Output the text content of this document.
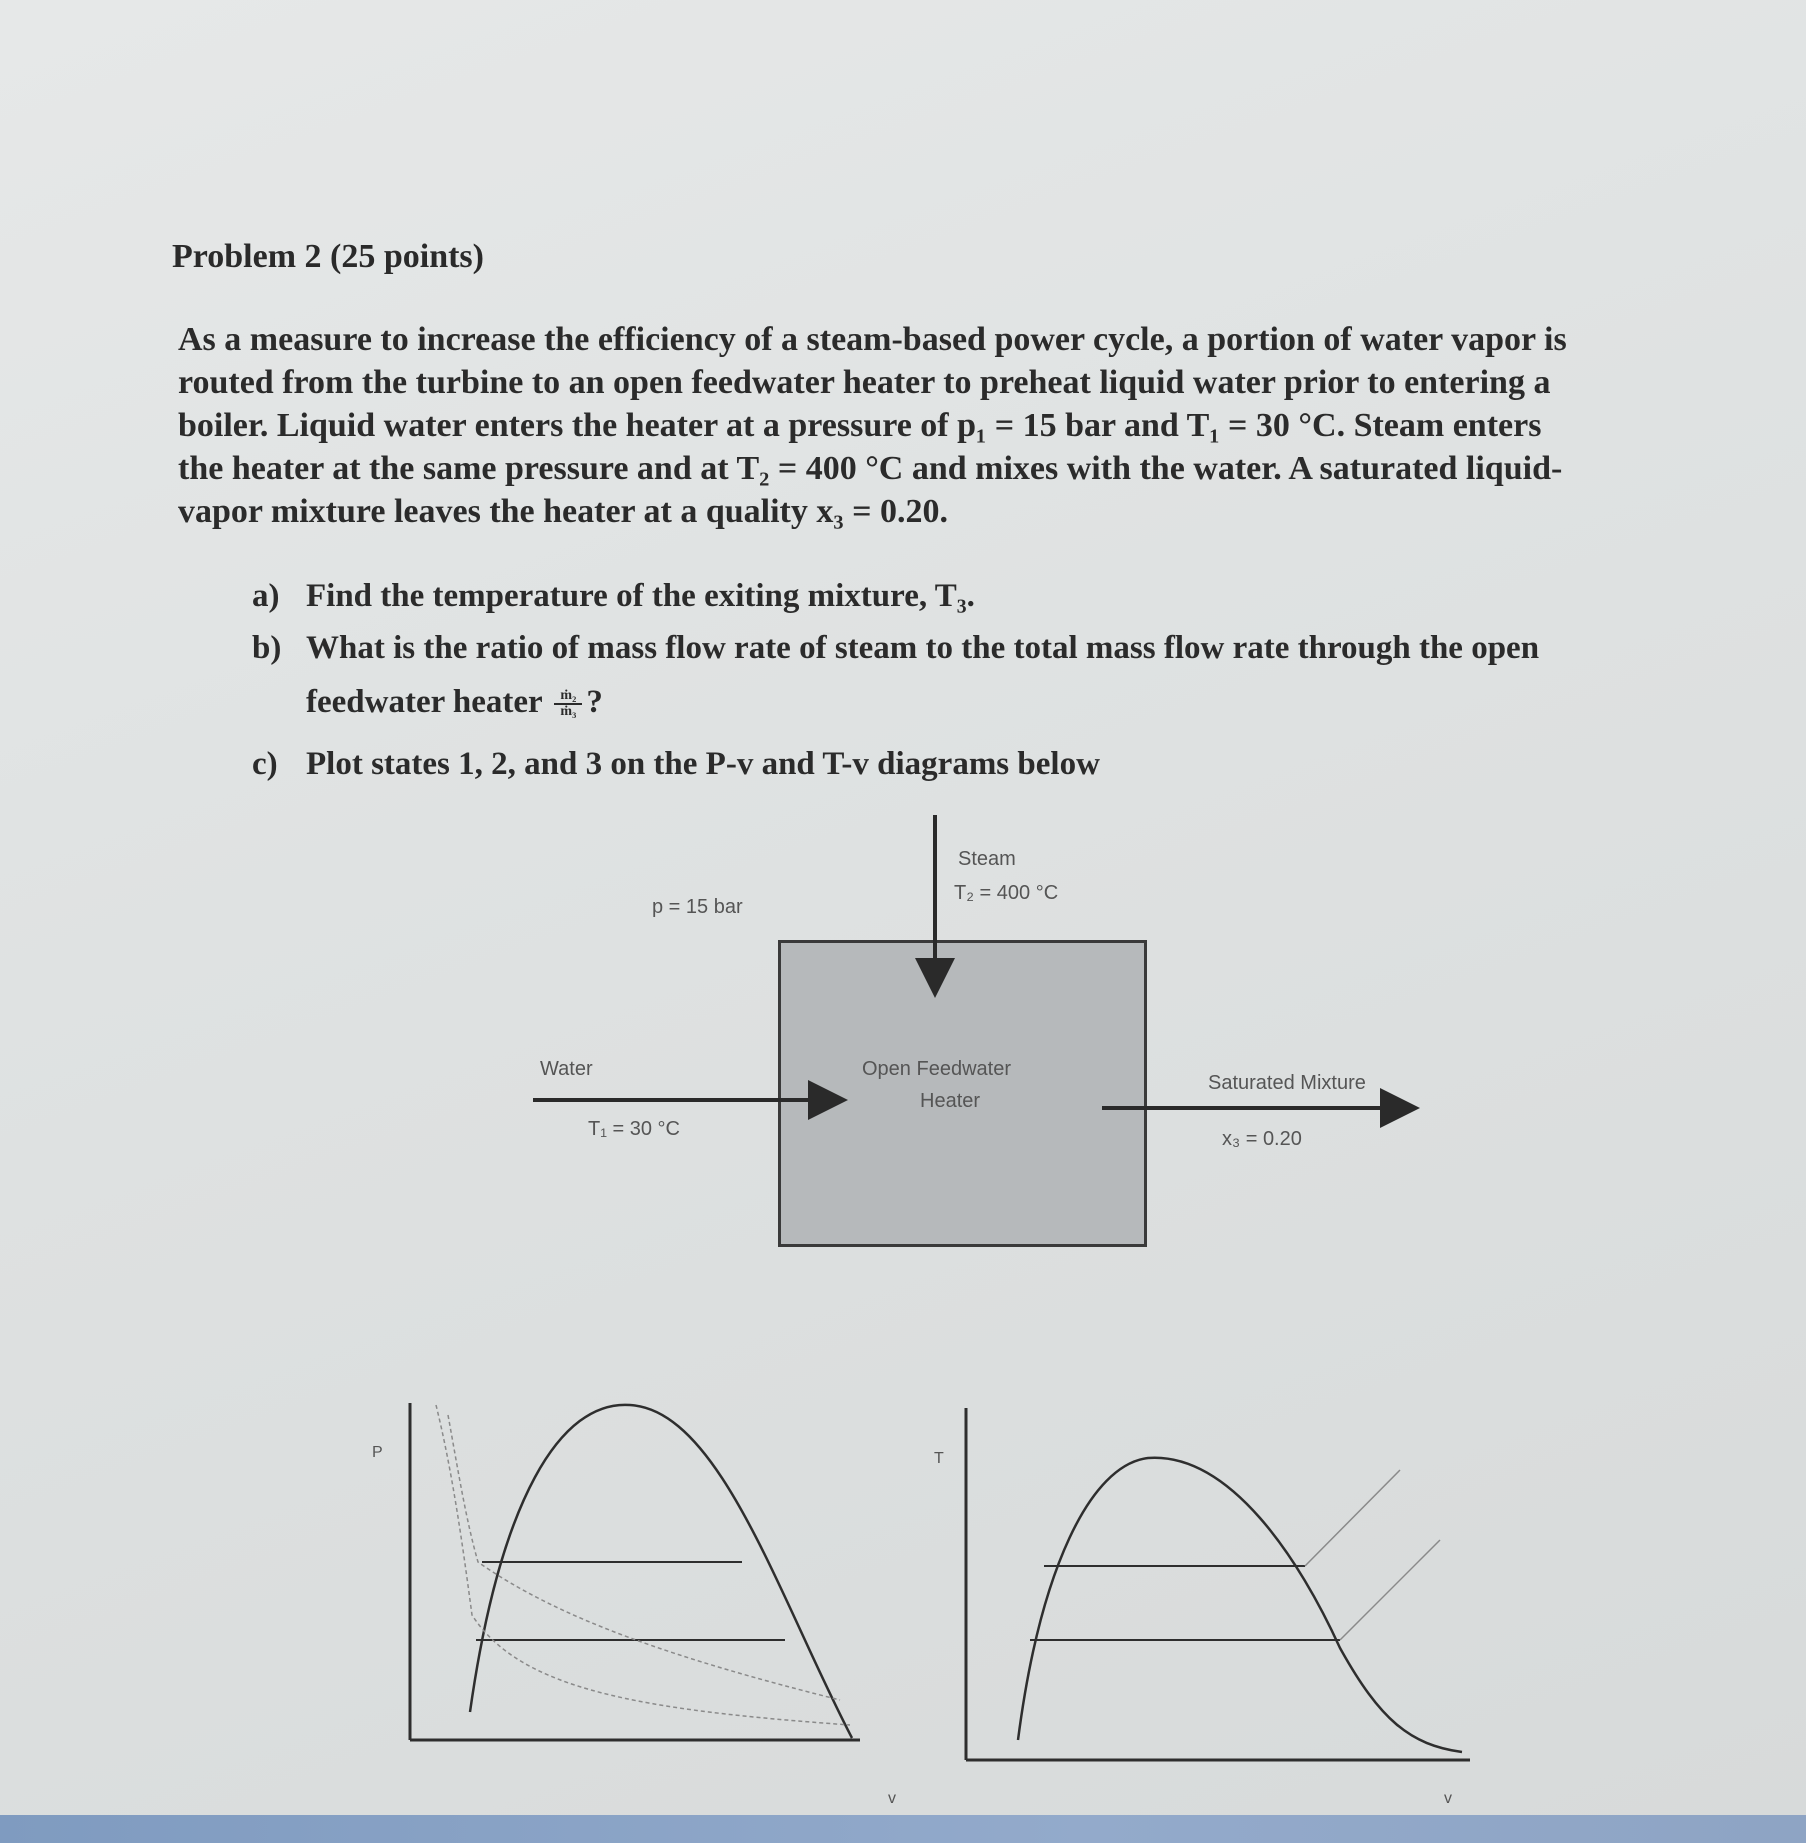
Problem 2 (25 points)
As a measure to increase the efficiency of a steam-based power cycle, a portion of water vapor is
routed from the turbine to an open feedwater heater to preheat liquid water prior to entering a
boiler. Liquid water enters the heater at a pressure of p₁ = 15 bar and T₁ = 30 °C. Steam enters
the heater at the same pressure and at T₂ = 400 °C and mixes with the water. A saturated liquid-
vapor mixture leaves the heater at a quality x₃ = 0.20.
a) Find the temperature of the exiting mixture, T₃.
b) What is the ratio of mass flow rate of steam to the total mass flow rate through the open
feedwater heater $\frac{\text{ṁ₂}}{\text{ṁ₃}}$ ?
c) Plot states 1, 2, and 3 on the P-v and T-v diagrams below
p = 15 bar
Steam
T₂ = 400 °C
Water
T₁ = 30 °C
Open Feedwater
Heater
Saturated Mixture
x₃ = 0.20
P
v
T
v
